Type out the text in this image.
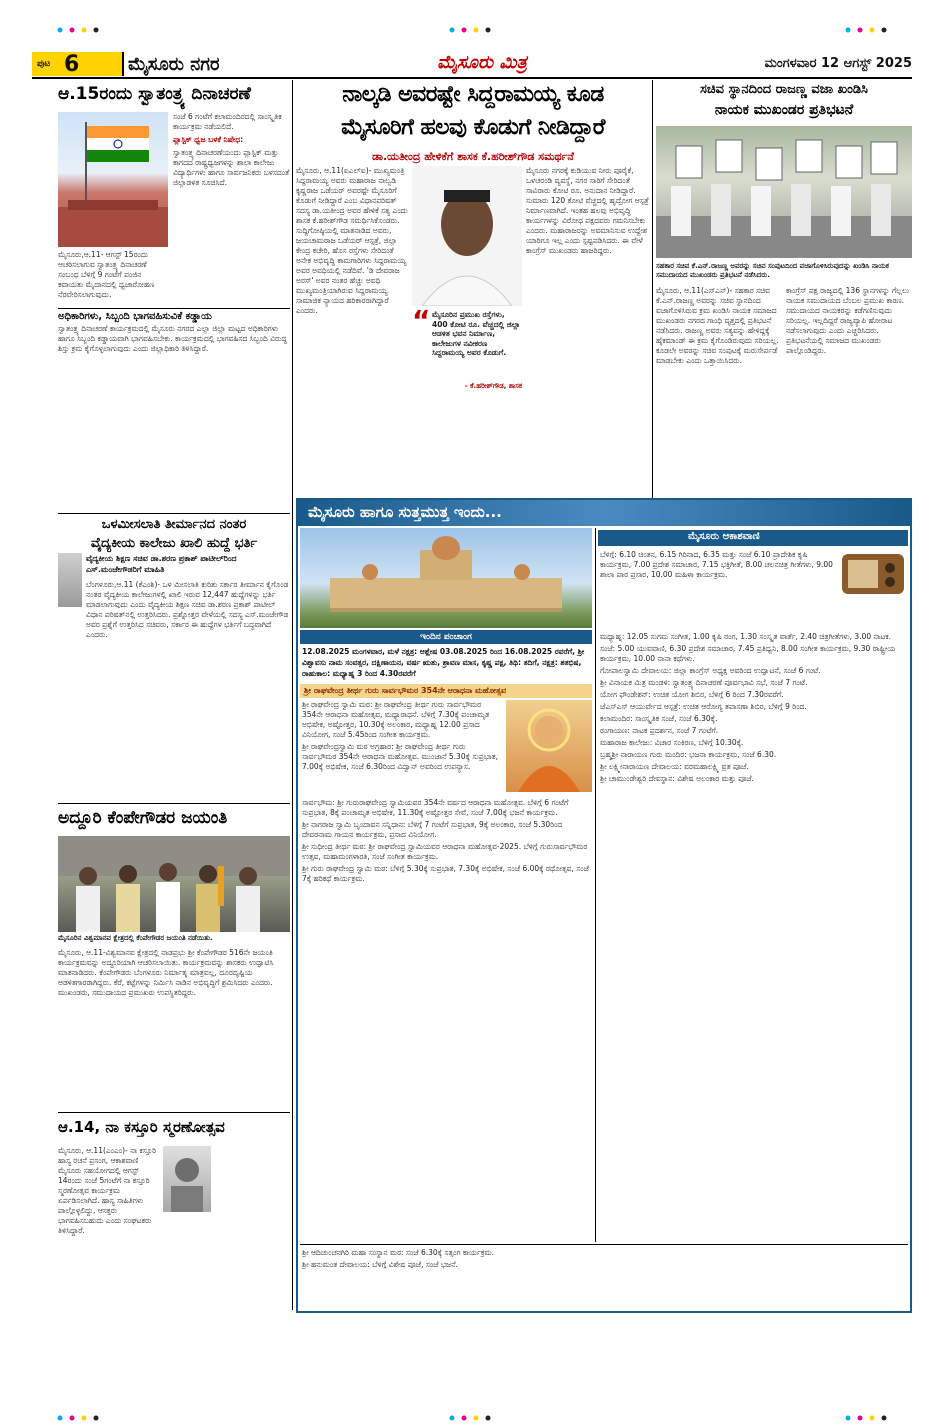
ಪುಟ 6	ಮೈಸೂರು ನಗರ	ಮೈಸೂರು ಮಿತ್ರ	ಮಂಗಳವಾರ 12 ಆಗಸ್ಟ್ 2025
ಆ.15ರಂದು ಸ್ವಾತಂತ್ರ್ಯ ದಿನಾಚರಣೆ
ಮೈಸೂರು,ಆ.11- ಆಗಸ್ಟ್ 15ರಂದು ಆಚರಿಸಲಾಗುವ ಸ್ವಾತಂತ್ರ್ಯ ದಿನಾಚರಣೆ ಸಂಬಂಧ ಬೆಳಿಗ್ಗೆ 9 ಗಂಟೆಗೆ ಪಂಜಿನ ಕವಾಯತು ಮೈದಾನದಲ್ಲಿ ಧ್ವಜಾರೋಹಣ ನೆರವೇರಿಸಲಾಗುವುದು.
ಸಂಜೆ 6 ಗಂಟೆಗೆ ಕಲಾಮಂದಿರದಲ್ಲಿ ಸಾಂಸ್ಕೃತಿಕ ಕಾರ್ಯಕ್ರಮ ನಡೆಯಲಿದೆ.
ಪ್ಲಾಸ್ಟಿಕ್ ಧ್ವಜ ಬಳಕೆ ನಿಷೇಧ:
ಸ್ವಾತಂತ್ರ್ಯ ದಿನಾಚರಣೆಯಂದು ಪ್ಲಾಸ್ಟಿಕ್ ಮತ್ತು ಕಾಗದದ ರಾಷ್ಟ್ರಧ್ವಜಗಳನ್ನು ಶಾಲಾ ಕಾಲೇಜು ವಿದ್ಯಾರ್ಥಿಗಳು ಹಾಗೂ ಸಾರ್ವಜನಿಕರು ಬಳಸದಂತೆ ಜಿಲ್ಲಾಡಳಿತ ಸೂಚಿಸಿದೆ.
ಅಧಿಕಾರಿಗಳು, ಸಿಬ್ಬಂದಿ ಭಾಗವಹಿಸುವಿಕೆ ಕಡ್ಡಾಯ
ಸ್ವಾತಂತ್ರ್ಯ ದಿನಾಚರಣೆ ಕಾರ್ಯಕ್ರಮದಲ್ಲಿ ಮೈಸೂರು ನಗರದ ಎಲ್ಲಾ ಜಿಲ್ಲಾ ಮಟ್ಟದ ಅಧಿಕಾರಿಗಳು ಹಾಗೂ ಸಿಬ್ಬಂದಿ ಕಡ್ಡಾಯವಾಗಿ ಭಾಗವಹಿಸಬೇಕು. ಕಾರ್ಯಕ್ರಮದಲ್ಲಿ ಭಾಗವಹಿಸದ ಸಿಬ್ಬಂದಿ ವಿರುದ್ಧ ಶಿಸ್ತು ಕ್ರಮ ಕೈಗೊಳ್ಳಲಾಗುವುದು ಎಂದು ಜಿಲ್ಲಾಧಿಕಾರಿ ತಿಳಿಸಿದ್ದಾರೆ.
ಒಳಮೀಸಲಾತಿ ತೀರ್ಮಾನದ ನಂತರ
ವೈದ್ಯಕೀಯ ಕಾಲೇಜು ಖಾಲಿ ಹುದ್ದೆ ಭರ್ತಿ
ವೈದ್ಯಕೀಯ ಶಿಕ್ಷಣ ಸಚಿವ ಡಾ.ಶರಣ ಪ್ರಕಾಶ್ ಪಾಟೀಲ್‌ರಿಂದ ಎಸ್.ಮಂಜೇಗೌಡರಿಗೆ ಮಾಹಿತಿ
ಬೆಂಗಳೂರು,ಆ.11 (ಕೆಎಂಶಿ)- ಒಳ ಮೀಸಲಾತಿ ಕುರಿತು ಸರ್ಕಾರ ತೀರ್ಮಾನ ಕೈಗೊಂಡ ನಂತರ ವೈದ್ಯಕೀಯ ಕಾಲೇಜುಗಳಲ್ಲಿ ಖಾಲಿ ಇರುವ 12,447 ಹುದ್ದೆಗಳನ್ನು ಭರ್ತಿ ಮಾಡಲಾಗುವುದು ಎಂದು ವೈದ್ಯಕೀಯ ಶಿಕ್ಷಣ ಸಚಿವ ಡಾ.ಶರಣ ಪ್ರಕಾಶ್ ಪಾಟೀಲ್ ವಿಧಾನ ಪರಿಷತ್‌ನಲ್ಲಿ ಉತ್ತರಿಸಿದರು. ಪ್ರಶ್ನೋತ್ತರ ವೇಳೆಯಲ್ಲಿ ಸದಸ್ಯ ಎಸ್.ಮಂಜೇಗೌಡ ಅವರ ಪ್ರಶ್ನೆಗೆ ಉತ್ತರಿಸಿದ ಸಚಿವರು, ಸರ್ಕಾರ ಈ ಹುದ್ದೆಗಳ ಭರ್ತಿಗೆ ಬದ್ಧವಾಗಿದೆ ಎಂದರು.
ಅದ್ದೂರಿ ಕೆಂಪೇಗೌಡರ ಜಯಂತಿ
ಮೈಸೂರಿನ ವಿಶ್ವಮಾನವ ಕ್ಷೇತ್ರದಲ್ಲಿ ಕೆಂಪೇಗೌಡರ ಜಯಂತಿ ನಡೆಯಿತು.
ಮೈಸೂರು, ಆ.11-ವಿಶ್ವಮಾನವ ಕ್ಷೇತ್ರದಲ್ಲಿ ನಾಡಪ್ರಭು ಶ್ರೀ ಕೆಂಪೇಗೌಡರ 516ನೇ ಜಯಂತಿ ಕಾರ್ಯಕ್ರಮವನ್ನು ಅದ್ದೂರಿಯಾಗಿ ಆಚರಿಸಲಾಯಿತು. ಕಾರ್ಯಕ್ರಮವನ್ನು ಶಾಸಕರು ಉದ್ಘಾಟಿಸಿ ಮಾತನಾಡಿದರು. ಕೆಂಪೇಗೌಡರು ಬೆಂಗಳೂರು ನಿರ್ಮಾತೃ ಮಾತ್ರವಲ್ಲ, ದೂರದೃಷ್ಟಿಯ ಆಡಳಿತಗಾರರಾಗಿದ್ದರು. ಕೆರೆ, ಕಟ್ಟೆಗಳನ್ನು ನಿರ್ಮಿಸಿ ನಾಡಿನ ಅಭಿವೃದ್ಧಿಗೆ ಶ್ರಮಿಸಿದರು ಎಂದರು. ಮುಖಂಡರು, ಸಮುದಾಯದ ಪ್ರಮುಖರು ಉಪಸ್ಥಿತರಿದ್ದರು.
ಆ.14, ನಾ ಕಸ್ತೂರಿ ಸ್ಮರಣೋತ್ಸವ
ಮೈಸೂರು, ಆ.11(ಎಂಎಂ)- ನಾ ಕಸ್ತೂರಿ ಹಾಸ್ಯ ರಚನೆ ಪ್ರಸಂಗ, ಆಕಾಶವಾಣಿ ಮೈಸೂರು ಸಹಯೋಗದಲ್ಲಿ ಆಗಸ್ಟ್ 14ರಂದು ಸಂಜೆ 5ಗಂಟೆಗೆ ನಾ ಕಸ್ತೂರಿ ಸ್ಮರಣೋತ್ಸವ ಕಾರ್ಯಕ್ರಮ ಏರ್ಪಡಿಸಲಾಗಿದೆ. ಹಾಸ್ಯ ಸಾಹಿತಿಗಳು ಪಾಲ್ಗೊಳ್ಳಲಿದ್ದು, ಆಸಕ್ತರು ಭಾಗವಹಿಸಬಹುದು ಎಂದು ಸಂಘಟಕರು ತಿಳಿಸಿದ್ದಾರೆ.
ನಾಲ್ಕಡಿ ಅವರಷ್ಟೇ ಸಿದ್ದರಾಮಯ್ಯ ಕೂಡ
ಮೈಸೂರಿಗೆ ಹಲವು ಕೊಡುಗೆ ನೀಡಿದ್ದಾರೆ
ಡಾ.ಯತೀಂದ್ರ ಹೇಳಿಕೆಗೆ ಶಾಸಕ ಕೆ.ಹರೀಶ್‌ಗೌಡ ಸಮರ್ಥನೆ
ಮೈಸೂರು, ಆ.11(ಐಎಲ್‌ಐ)- ಮುಖ್ಯಮಂತ್ರಿ ಸಿದ್ದರಾಮಯ್ಯ ಅವರು ಮಹಾರಾಜ ನಾಲ್ವಡಿ ಕೃಷ್ಣರಾಜ ಒಡೆಯರ್ ಅವರಷ್ಟೇ ಮೈಸೂರಿಗೆ ಕೊಡುಗೆ ನೀಡಿದ್ದಾರೆ ಎಂಬ ವಿಧಾನಪರಿಷತ್ ಸದಸ್ಯ ಡಾ.ಯತೀಂದ್ರ ಅವರ ಹೇಳಿಕೆ ಸತ್ಯ ಎಂದು ಶಾಸಕ ಕೆ.ಹರೀಶ್‌ಗೌಡ ಸಮರ್ಥಿಸಿಕೊಂಡರು. ಸುದ್ದಿಗೋಷ್ಠಿಯಲ್ಲಿ ಮಾತನಾಡಿದ ಅವರು, ಜಯಚಾಮರಾಜ ಒಡೆಯರ್ ಆಸ್ಪತ್ರೆ, ಜಿಲ್ಲಾ ಕೇಂದ್ರ ಕಚೇರಿ, ಹೊಸ ರಸ್ತೆಗಳು ಸೇರಿದಂತೆ ಅನೇಕ ಅಭಿವೃದ್ಧಿ ಕಾಮಗಾರಿಗಳು ಸಿದ್ದರಾಮಯ್ಯ ಅವರ ಅವಧಿಯಲ್ಲಿ ನಡೆದಿವೆ. 'ಡಿ ದೇವರಾಜ ಅರಸ್' ಅವರ ನಂತರ ಹೆಚ್ಚು ಅವಧಿ ಮುಖ್ಯಮಂತ್ರಿಯಾಗಿರುವ ಸಿದ್ದರಾಮಯ್ಯ ಸಾಮಾಜಿಕ ನ್ಯಾಯದ ಹರಿಕಾರರಾಗಿದ್ದಾರೆ ಎಂದರು.	“ ಮೈಸೂರಿನ ಪ್ರಮುಖ ರಸ್ತೆಗಳು, 400 ಕೋಟಿ ರೂ. ವೆಚ್ಚದಲ್ಲಿ ಜಿಲ್ಲಾ ಆಡಳಿತ ಭವನ ನಿರ್ಮಾಣ, ಕಾಲೇಜುಗಳ ನವೀಕರಣ ಸಿದ್ದರಾಮಯ್ಯ ಅವರ ಕೊಡುಗೆ.
- ಕೆ.ಹರೀಶ್‌ಗೌಡ, ಶಾಸಕ
ಮೈಸೂರು ನಗರಕ್ಕೆ ಕುಡಿಯುವ ನೀರು ಪೂರೈಕೆ, ಒಳಚರಂಡಿ ವ್ಯವಸ್ಥೆ, ನಗರ ಸಾರಿಗೆ ಸೇರಿದಂತೆ ಸಾವಿರಾರು ಕೋಟಿ ರೂ. ಅನುದಾನ ನೀಡಿದ್ದಾರೆ. ಸುಮಾರು 120 ಕೋಟಿ ವೆಚ್ಚದಲ್ಲಿ ಹೃದ್ರೋಗ ಆಸ್ಪತ್ರೆ ನಿರ್ಮಾಣವಾಗಿದೆ. ಇಂತಹ ಹಲವು ಅಭಿವೃದ್ಧಿ ಕಾರ್ಯಗಳನ್ನು ವಿರೋಧ ಪಕ್ಷದವರು ಗಮನಿಸಬೇಕು ಎಂದರು. ಮಹಾರಾಜರನ್ನು ಅವಮಾನಿಸುವ ಉದ್ದೇಶ ಯಾರಿಗೂ ಇಲ್ಲ ಎಂದು ಸ್ಪಷ್ಟಪಡಿಸಿದರು. ಈ ವೇಳೆ ಕಾಂಗ್ರೆಸ್ ಮುಖಂಡರು ಹಾಜರಿದ್ದರು.
ಸಚಿವ ಸ್ಥಾನದಿಂದ ರಾಜಣ್ಣ ವಜಾ ಖಂಡಿಸಿ
ನಾಯಕ ಮುಖಂಡರ ಪ್ರತಿಭಟನೆ
ಸಹಕಾರ ಸಚಿವ ಕೆ.ಎನ್.ರಾಜಣ್ಣ ಅವರನ್ನು ಸಚಿವ ಸಂಪುಟದಿಂದ ವಜಾಗೊಳಿಸಿರುವುದನ್ನು ಖಂಡಿಸಿ ನಾಯಕ ಸಮುದಾಯದ ಮುಖಂಡರು ಪ್ರತಿಭಟನೆ ನಡೆಸಿದರು.
ಮೈಸೂರು, ಆ.11(ಎಸ್‌ಎನ್)- ಸಹಕಾರ ಸಚಿವ ಕೆ.ಎನ್.ರಾಜಣ್ಣ ಅವರನ್ನು ಸಚಿವ ಸ್ಥಾನದಿಂದ ವಜಾಗೊಳಿಸಿರುವ ಕ್ರಮ ಖಂಡಿಸಿ ನಾಯಕ ಸಮಾಜದ ಮುಖಂಡರು ನಗರದ ಗಾಂಧಿ ವೃತ್ತದಲ್ಲಿ ಪ್ರತಿಭಟನೆ ನಡೆಸಿದರು. ರಾಜಣ್ಣ ಅವರು ಸತ್ಯವನ್ನು ಹೇಳಿದ್ದಕ್ಕೆ ಹೈಕಮಾಂಡ್ ಈ ಕ್ರಮ ಕೈಗೊಂಡಿರುವುದು ಸರಿಯಲ್ಲ. ಕೂಡಲೇ ಅವರನ್ನು ಸಚಿವ ಸಂಪುಟಕ್ಕೆ ಮರುಸೇರ್ಪಡೆ ಮಾಡಬೇಕು ಎಂದು ಒತ್ತಾಯಿಸಿದರು.
ಕಾಂಗ್ರೆಸ್ ಪಕ್ಷ ರಾಜ್ಯದಲ್ಲಿ 136 ಸ್ಥಾನಗಳನ್ನು ಗೆಲ್ಲಲು ನಾಯಕ ಸಮುದಾಯದ ಬೆಂಬಲ ಪ್ರಮುಖ ಕಾರಣ. ಸಮುದಾಯದ ನಾಯಕರನ್ನು ಕಡೆಗಣಿಸುವುದು ಸರಿಯಲ್ಲ. ಇಲ್ಲದಿದ್ದರೆ ರಾಜ್ಯವ್ಯಾಪಿ ಹೋರಾಟ ನಡೆಸಲಾಗುವುದು ಎಂದು ಎಚ್ಚರಿಸಿದರು. ಪ್ರತಿಭಟನೆಯಲ್ಲಿ ಸಮಾಜದ ಮುಖಂಡರು ಪಾಲ್ಗೊಂಡಿದ್ದರು.
ಮೈಸೂರು ಹಾಗೂ ಸುತ್ತಮುತ್ತ ಇಂದು...
ಇಂದಿನ ಪಂಚಾಂಗ
12.08.2025 ಮಂಗಳವಾರ, ಮಳೆ ನಕ್ಷತ್ರ: ಆಶ್ಲೇಷ 03.08.2025 ರಿಂದ 16.08.2025 ರವರೆಗೆ, ಶ್ರೀ ವಿಶ್ವಾವಸು ನಾಮ ಸಂವತ್ಸರ, ದಕ್ಷಿಣಾಯನ, ವರ್ಷ ಋತು, ಶ್ರಾವಣ ಮಾಸ, ಕೃಷ್ಣ ಪಕ್ಷ, ತಿಥಿ: ತದಿಗೆ, ನಕ್ಷತ್ರ: ಶತಭಿಷ, ರಾಹುಕಾಲ: ಮಧ್ಯಾಹ್ನ 3 ರಿಂದ 4.30ರವರೆಗೆ
ಶ್ರೀ ರಾಘವೇಂದ್ರ ತೀರ್ಥ ಗುರು ಸಾರ್ವಭೌಮರ 354ನೇ ಆರಾಧನಾ ಮಹೋತ್ಸವ
ಶ್ರೀ ರಾಘವೇಂದ್ರ ಸ್ವಾಮಿ ಮಠ: ಶ್ರೀ ರಾಘವೇಂದ್ರ ತೀರ್ಥ ಗುರು ಸಾರ್ವಭೌಮರ 354ನೇ ಆರಾಧನಾ ಮಹೋತ್ಸವ, ಮಧ್ಯಾರಾಧನೆ. ಬೆಳಿಗ್ಗೆ 7.30ಕ್ಕೆ ಪಂಚಾಮೃತ ಅಭಿಷೇಕ, ಅಷ್ಟೋತ್ತರ, 10.30ಕ್ಕೆ ಅಲಂಕಾರ, ಮಧ್ಯಾಹ್ನ 12.00 ಪ್ರಸಾದ ವಿನಿಯೋಗ, ಸಂಜೆ 5.45ರಿಂದ ಸಂಗೀತ ಕಾರ್ಯಕ್ರಮ.
ಶ್ರೀ ರಾಘವೇಂದ್ರಸ್ವಾಮಿ ಮಠ ಅಗ್ರಹಾರ: ಶ್ರೀ ರಾಘವೇಂದ್ರ ತೀರ್ಥ ಗುರು ಸಾರ್ವಭೌಮರ 354ನೇ ಆರಾಧನಾ ಮಹೋತ್ಸವ. ಮುಂಜಾನೆ 5.30ಕ್ಕೆ ಸುಪ್ರಭಾತ, 7.00ಕ್ಕೆ ಅಭಿಷೇಕ, ಸಂಜೆ 6.30ರಿಂದ ವಿದ್ವಾನ್ ಅವರಿಂದ ಉಪನ್ಯಾಸ.
ಸಾರ್ವಭೌಮ: ಶ್ರೀ ಗುರುರಾಘವೇಂದ್ರ ಸ್ವಾಮಿಯವರ 354ನೇ ವರ್ಷದ ಆರಾಧನಾ ಮಹೋತ್ಸವ. ಬೆಳಿಗ್ಗೆ 6 ಗಂಟೆಗೆ ಸುಪ್ರಭಾತ, 8ಕ್ಕೆ ಪಂಚಾಮೃತ ಅಭಿಷೇಕ, 11.30ಕ್ಕೆ ಅಷ್ಟೋತ್ತರ ಸೇವೆ, ಸಂಜೆ 7.00ಕ್ಕೆ ಭಜನೆ ಕಾರ್ಯಕ್ರಮ.
ಶ್ರೀ ನಾಗರಾಜ ಸ್ವಾಮಿ ಬೃಂದಾವನ ಸನ್ನಿಧಾನ: ಬೆಳಿಗ್ಗೆ 7 ಗಂಟೆಗೆ ಸುಪ್ರಭಾತ, 9ಕ್ಕೆ ಅಲಂಕಾರ, ಸಂಜೆ 5.30ರಿಂದ ದೇವರನಾಮ ಗಾಯನ ಕಾರ್ಯಕ್ರಮ, ಪ್ರಸಾದ ವಿನಿಯೋಗ.
ಶ್ರೀ ಸುಧೀಂದ್ರ ತೀರ್ಥ ಮಠ: ಶ್ರೀ ರಾಘವೇಂದ್ರ ಸ್ವಾಮಿಯವರ ಆರಾಧನಾ ಮಹೋತ್ಸವ-2025. ಬೆಳಿಗ್ಗೆ ಗುರುಸಾರ್ವಭೌಮರ ಉತ್ಸವ, ಮಹಾಮಂಗಳಾರತಿ, ಸಂಜೆ ಸಂಗೀತ ಕಾರ್ಯಕ್ರಮ.
ಶ್ರೀ ಗುರು ರಾಘವೇಂದ್ರ ಸ್ವಾಮಿ ಮಠ: ಬೆಳಿಗ್ಗೆ 5.30ಕ್ಕೆ ಸುಪ್ರಭಾತ, 7.30ಕ್ಕೆ ಅಭಿಷೇಕ, ಸಂಜೆ 6.00ಕ್ಕೆ ರಥೋತ್ಸವ, ಸಂಜೆ 7ಕ್ಕೆ ಹರಿಕಥೆ ಕಾರ್ಯಕ್ರಮ.
ಶ್ರೀ ಆದಿಚುಂಚನಗಿರಿ ಮಹಾ ಸಂಸ್ಥಾನ ಮಠ: ಸಂಜೆ 6.30ಕ್ಕೆ ಸತ್ಸಂಗ ಕಾರ್ಯಕ್ರಮ.
ಶ್ರೀ ಹನುಮಂತ ದೇವಾಲಯ: ಬೆಳಿಗ್ಗೆ ವಿಶೇಷ ಪೂಜೆ, ಸಂಜೆ ಭಜನೆ.
ಮೈಸೂರು ಆಕಾಶವಾಣಿ
ಬೆಳಿಗ್ಗೆ: 6.10 ಚಿಂತನ, 6.15 ಗಿರಿನಾದ, 6.35 ಮತ್ತು ಸಂಜೆ 6.10 ಪ್ರಾದೇಶಿಕ ಕೃಷಿ ಕಾರ್ಯಕ್ರಮ, 7.00 ಪ್ರದೇಶ ಸಮಾಚಾರ, 7.15 ಭಕ್ತಿಗೀತೆ, 8.00 ಚಲನಚಿತ್ರ ಗೀತೆಗಳು, 9.00 ಶಾಲಾ ಪಾಠ ಪ್ರಸಾರ, 10.00 ಮಹಿಳಾ ಕಾರ್ಯಕ್ರಮ.
ಮಧ್ಯಾಹ್ನ: 12.05 ಸುಗಮ ಸಂಗೀತ, 1.00 ಕೃಷಿ ರಂಗ, 1.30 ಸಂಸ್ಕೃತ ವಾರ್ತೆ, 2.40 ಚಿತ್ರಗೀತೆಗಳು, 3.00 ನಾಟಕ.
ಸಂಜೆ: 5.00 ಯುವವಾಣಿ, 6.30 ಪ್ರದೇಶ ಸಮಾಚಾರ, 7.45 ಪ್ರತಿಧ್ವನಿ, 8.00 ಸಂಗೀತ ಕಾರ್ಯಕ್ರಮ, 9.30 ರಾಷ್ಟ್ರೀಯ ಕಾರ್ಯಕ್ರಮ, 10.00 ನಾನಾ ಕಥೆಗಳು.
ಗೋಪಾಲಸ್ವಾಮಿ ದೇವಾಲಯ: ಜಿಲ್ಲಾ ಕಾಂಗ್ರೆಸ್ ಅಧ್ಯಕ್ಷ ಅವರಿಂದ ಉದ್ಘಾಟನೆ, ಸಂಜೆ 6 ಗಂಟೆ.
ಶ್ರೀ ವಿನಾಯಕ ಮಿತ್ರ ಮಂಡಳಿ: ಸ್ವಾತಂತ್ರ್ಯ ದಿನಾಚರಣೆ ಪೂರ್ವಭಾವಿ ಸಭೆ, ಸಂಜೆ 7 ಗಂಟೆ.
ಯೋಗ ಫೌಂಡೇಶನ್: ಉಚಿತ ಯೋಗ ಶಿಬಿರ, ಬೆಳಿಗ್ಗೆ 6 ರಿಂದ 7.30ರವರೆಗೆ.
ಜೆಎಸ್‌ಎಸ್ ಆಯುರ್ವೇದ ಆಸ್ಪತ್ರೆ: ಉಚಿತ ಆರೋಗ್ಯ ತಪಾಸಣಾ ಶಿಬಿರ, ಬೆಳಿಗ್ಗೆ 9 ರಿಂದ.
ಕಲಾಮಂದಿರ: ಸಾಂಸ್ಕೃತಿಕ ಸಂಜೆ, ಸಂಜೆ 6.30ಕ್ಕೆ.
ರಂಗಾಯಣ: ನಾಟಕ ಪ್ರದರ್ಶನ, ಸಂಜೆ 7 ಗಂಟೆಗೆ.
ಮಹಾರಾಜ ಕಾಲೇಜು: ವಿಚಾರ ಸಂಕಿರಣ, ಬೆಳಿಗ್ಗೆ 10.30ಕ್ಕೆ.
ಬ್ರಹ್ಮಶ್ರೀ ನಾರಾಯಣ ಗುರು ಮಂದಿರ: ಭಜನಾ ಕಾರ್ಯಕ್ರಮ, ಸಂಜೆ 6.30.
ಶ್ರೀ ಲಕ್ಷ್ಮೀನಾರಾಯಣ ದೇವಾಲಯ: ವರಮಹಾಲಕ್ಷ್ಮಿ ವ್ರತ ಪೂಜೆ.
ಶ್ರೀ ಚಾಮುಂಡೇಶ್ವರಿ ದೇವಸ್ಥಾನ: ವಿಶೇಷ ಅಲಂಕಾರ ಮತ್ತು ಪೂಜೆ.
